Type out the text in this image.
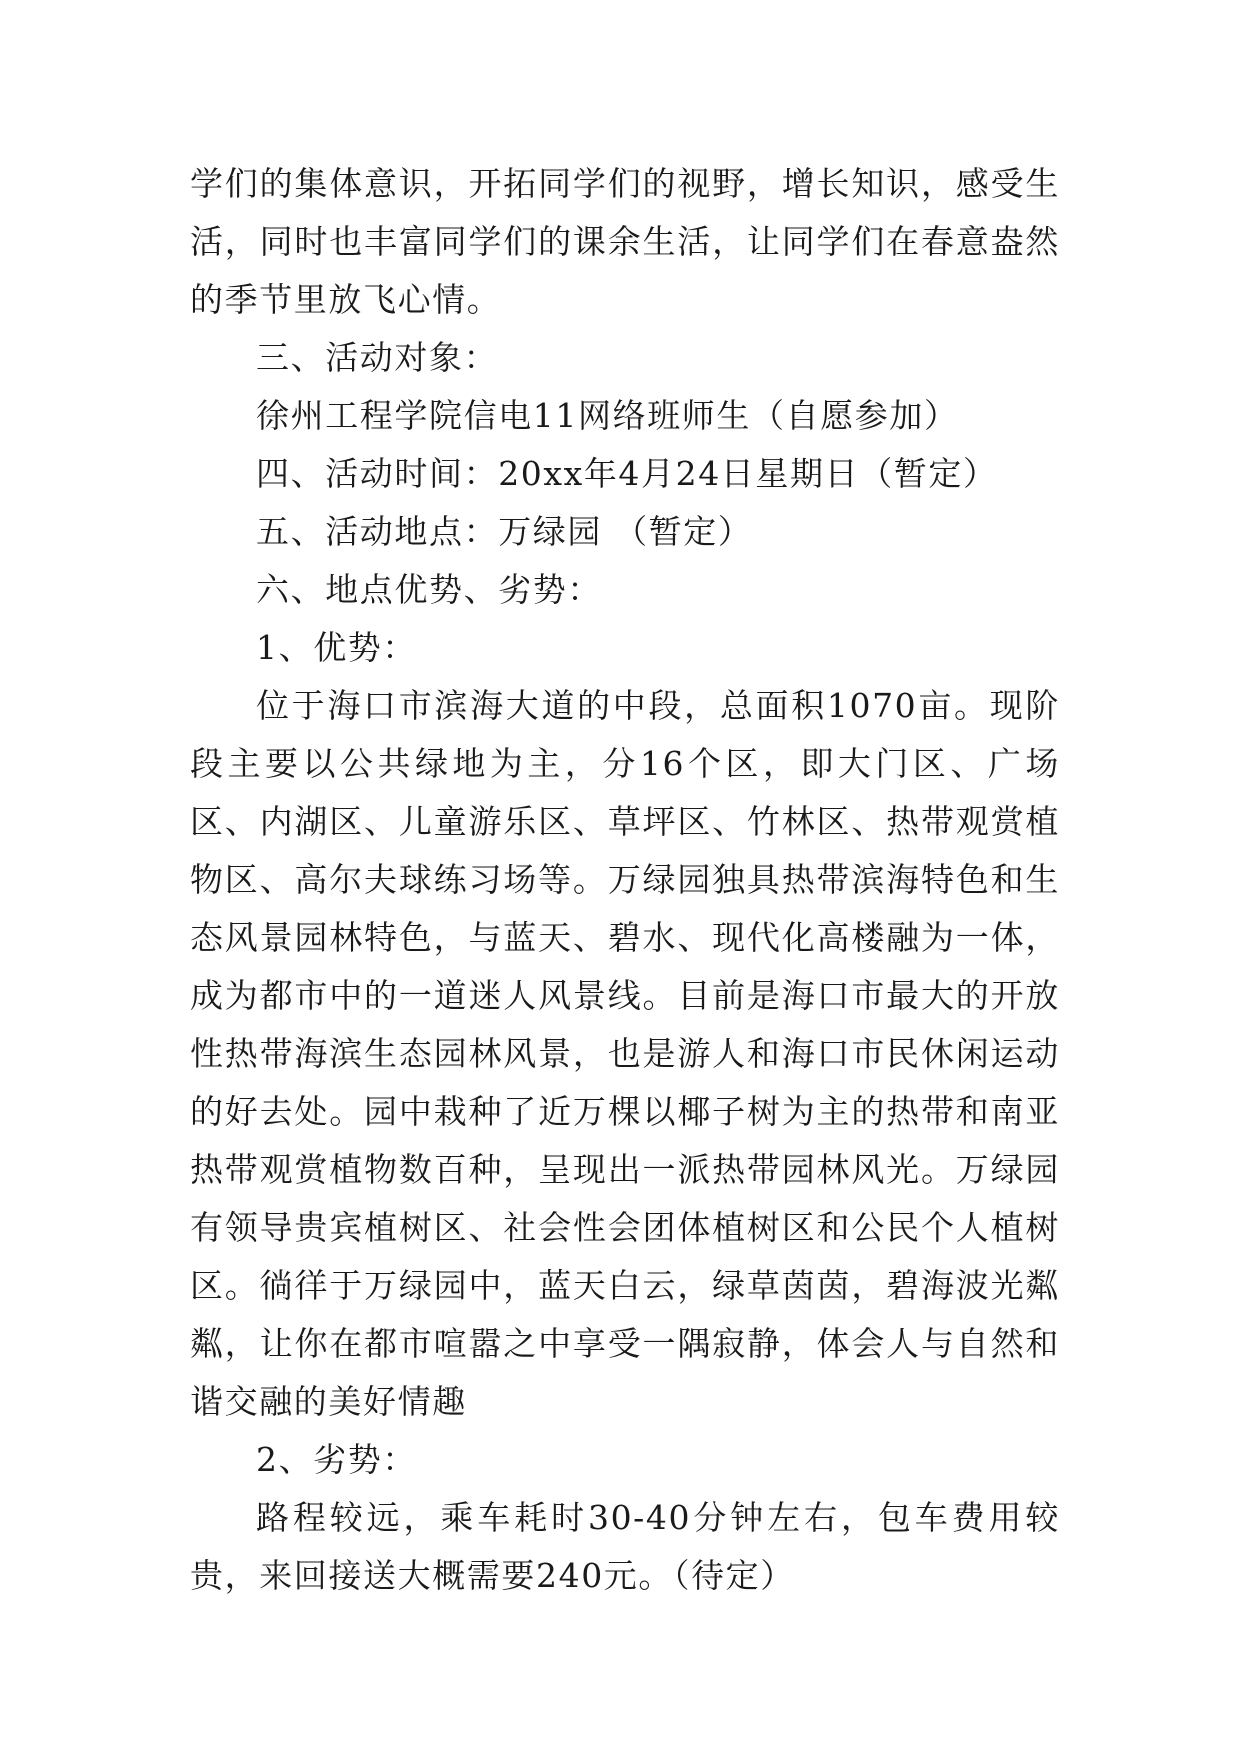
学们的集体意识，开拓同学们的视野，增长知识，感受生活，同时也丰富同学们的课余生活，让同学们在春意盎然的季节里放飞心情。

三、活动对象：

徐州工程学院信电11网络班师生（自愿参加）

四、活动时间：20xx年4月24日星期日（暂定）

五、活动地点：万绿园 （暂定）

六、地点优势、劣势：

1、优势：

位于海口市滨海大道的中段，总面积1070亩。现阶段主要以公共绿地为主，分16个区，即大门区、广场区、内湖区、儿童游乐区、草坪区、竹林区、热带观赏植物区、高尔夫球练习场等。万绿园独具热带滨海特色和生态风景园林特色，与蓝天、碧水、现代化高楼融为一体，成为都市中的一道迷人风景线。目前是海口市最大的开放性热带海滨生态园林风景，也是游人和海口市民休闲运动的好去处。园中栽种了近万棵以椰子树为主的热带和南亚热带观赏植物数百种，呈现出一派热带园林风光。万绿园有领导贵宾植树区、社会性会团体植树区和公民个人植树区。徜徉于万绿园中，蓝天白云，绿草茵茵，碧海波光粼粼，让你在都市喧嚣之中享受一隅寂静，体会人与自然和谐交融的美好情趣

2、劣势：

路程较远，乘车耗时30-40分钟左右，包车费用较贵，来回接送大概需要240元。（待定）
